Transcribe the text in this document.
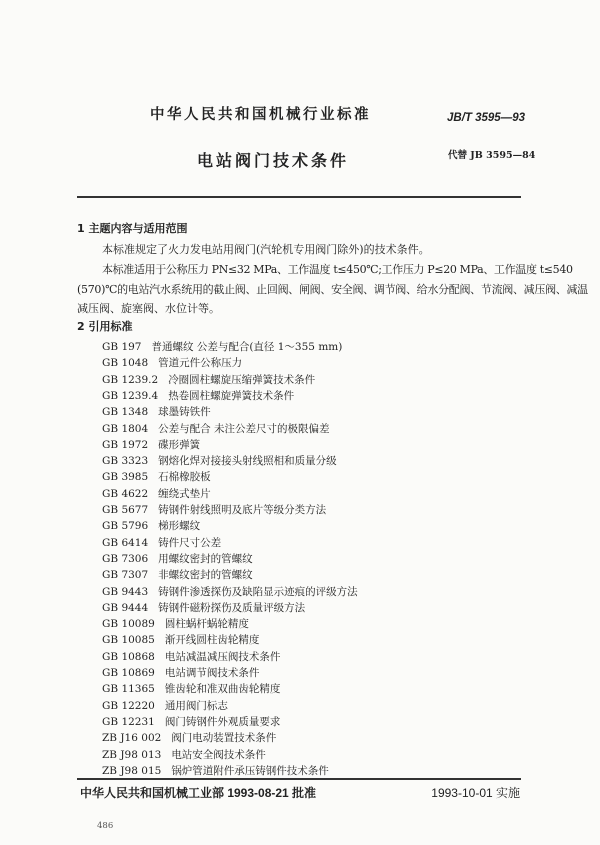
中华人民共和国机械行业标准	JB/T 3595—93
电站阀门技术条件	代替 JB 3595—84
1 主题内容与适用范围
本标准规定了火力发电站用阀门(汽轮机专用阀门除外)的技术条件。
本标准适用于公称压力 PN≤32 MPa、工作温度 t≤450℃;工作压力 P≤20 MPa、工作温度 t≤540
(570)℃的电站汽水系统用的截止阀、止回阀、闸阀、安全阀、调节阀、给水分配阀、节流阀、减压阀、减温
减压阀、旋塞阀、水位计等。
2 引用标准
GB 197 普通螺纹 公差与配合(直径 1～355 mm)
GB 1048 管道元件公称压力
GB 1239.2 冷圈圆柱螺旋压缩弹簧技术条件
GB 1239.4 热卷圆柱螺旋弹簧技术条件
GB 1348 球墨铸铁件
GB 1804 公差与配合 未注公差尺寸的极限偏差
GB 1972 碟形弹簧
GB 3323 钢熔化焊对接接头射线照相和质量分级
GB 3985 石棉橡胶板
GB 4622 缠绕式垫片
GB 5677 铸钢件射线照明及底片等级分类方法
GB 5796 梯形螺纹
GB 6414 铸件尺寸公差
GB 7306 用螺纹密封的管螺纹
GB 7307 非螺纹密封的管螺纹
GB 9443 铸钢件渗透探伤及缺陷显示迹痕的评级方法
GB 9444 铸钢件磁粉探伤及质量评级方法
GB 10089 圆柱蜗杆蜗轮精度
GB 10085 渐开线圆柱齿轮精度
GB 10868 电站减温减压阀技术条件
GB 10869 电站调节阀技术条件
GB 11365 锥齿轮和准双曲齿轮精度
GB 12220 通用阀门标志
GB 12231 阀门铸钢件外观质量要求
ZB J16 002 阀门电动装置技术条件
ZB J98 013 电站安全阀技术条件
ZB J98 015 锅炉管道附件承压铸钢件技术条件
中华人民共和国机械工业部 1993-08-21 批准	1993-10-01 实施
486
